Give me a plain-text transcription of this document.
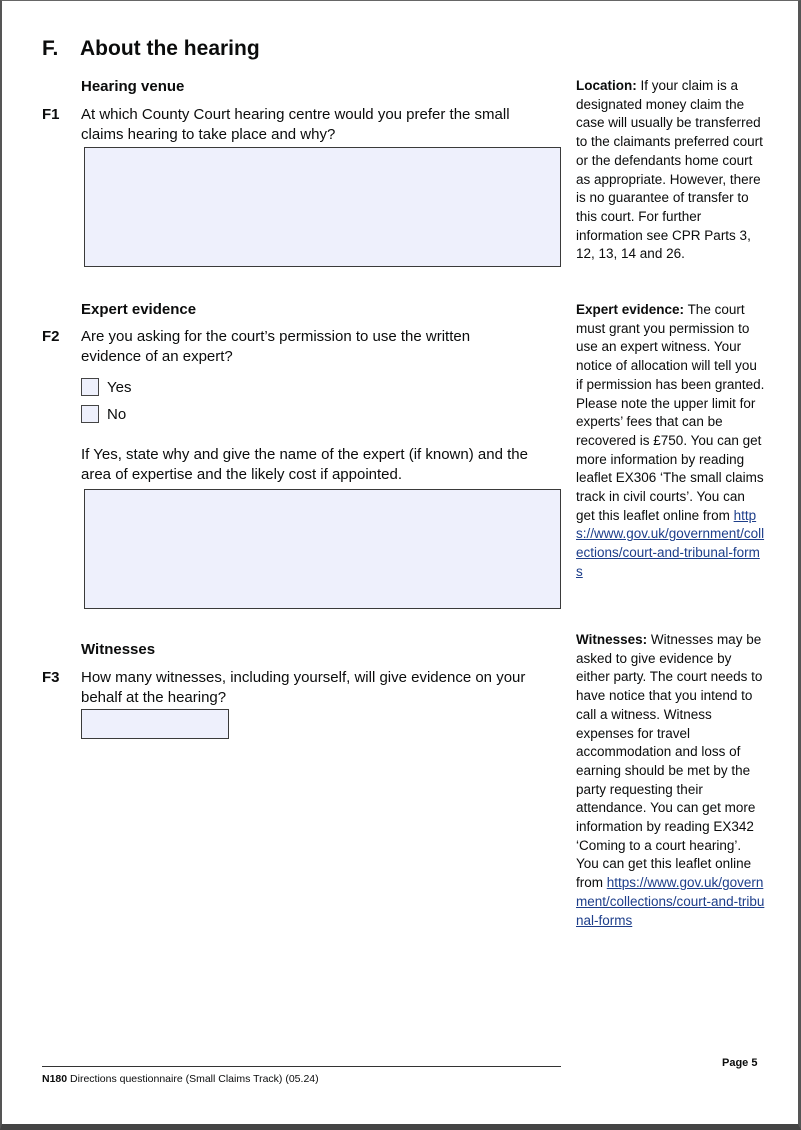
F. About the hearing
Hearing venue
F1 At which County Court hearing centre would you prefer the small
claims hearing to take place and why?
Expert evidence
F2 Are you asking for the court’s permission to use the written
evidence of an expert?
Yes
No
If Yes, state why and give the name of the expert (if known) and the
area of expertise and the likely cost if appointed.
Witnesses
F3 How many witnesses, including yourself, will give evidence on your
behalf at the hearing?
Location: If your claim is a designated money claim the case will usually be transferred to the claimants preferred court or the defendants home court as appropriate. However, there is no guarantee of transfer to this court. For further information see CPR Parts 3, 12, 13, 14 and 26.
Expert evidence: The court must grant you permission to use an expert witness. Your notice of allocation will tell you if permission has been granted. Please note the upper limit for experts’ fees that can be recovered is £750. You can get more information by reading leaflet EX306 ‘The small claims track in civil courts’. You can get this leaflet online from https://www.gov.uk/government/collections/court-and-tribunal-forms
Witnesses: Witnesses may be asked to give evidence by either party. The court needs to have notice that you intend to call a witness. Witness expenses for travel accommodation and loss of earning should be met by the party requesting their attendance. You can get more information by reading EX342 ‘Coming to a court hearing’. You can get this leaflet online from https://www.gov.uk/government/collections/court-and-tribunal-forms
N180 Directions questionnaire (Small Claims Track) (05.24)
Page 5
